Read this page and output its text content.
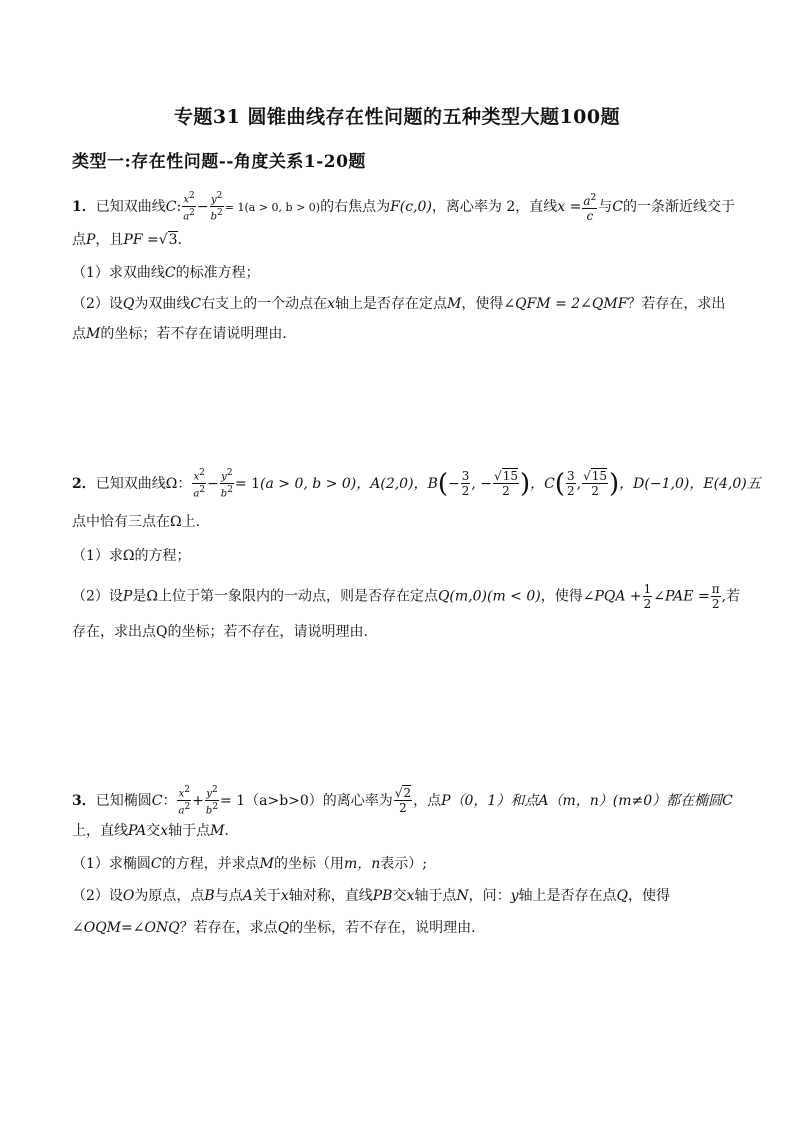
专题31 圆锥曲线存在性问题的五种类型大题100题
类型一:存在性问题--角度关系1-20题
1．已知双曲线C: $\frac{x^2}{a^2} - \frac{y^2}{b^2} = 1(a > 0$, b > 0)的右焦点为F(c,0)，离心率为 2，直线$x = \frac{a^2}{c}$ 与C的一条渐近线交于
点P，且PF =√3．
（1）求双曲线C的标准方程；
（2）设Q为双曲线C右支上的一个动点在x轴上是否存在定点M，使得∠QFM = 2∠QMF？若存在，求出
点M的坐标；若不存在请说明理由．
2．已知双曲线Ω： $\frac{x^2}{a^2} - \frac{y^2}{b^2} = 1(a > 0$, b > 0)，A(2,0)，$B(- \frac{3}{2}$ , − $\frac{√15}{2}$ )，$C( \frac{3}{2}$ , $\frac{√15}{2}$ )，D(−1,0)，E(4,0)五
点中恰有三点在Ω上.
（1）求Ω的方程；
（2）设P是Ω上位于第一象限内的一动点，则是否存在定点Q(m,0)(m < 0)，使得∠PQA + $\frac{1}{2}$ ∠PAE = $\frac{\pi}{2}$ ,若
存在，求出点Q的坐标；若不存在，请说明理由.
3．已知椭圆C： $\frac{x^2}{a^2} + \frac{y^2}{b^2} = 1(a>b>0)$的离心率为 $\frac{√2}{2}$ ，点P（0，1）和点A（m，n）(m≠0）都在椭圆C
上，直线PA交x轴于点M．
（1）求椭圆C的方程，并求点M的坐标（用m，n表示）;
（2）设O为原点，点B与点A关于x轴对称，直线PB交x轴于点N，问：y轴上是否存在点Q，使得
∠OQM=∠ONQ？若存在，求点Q的坐标，若不存在，说明理由．
